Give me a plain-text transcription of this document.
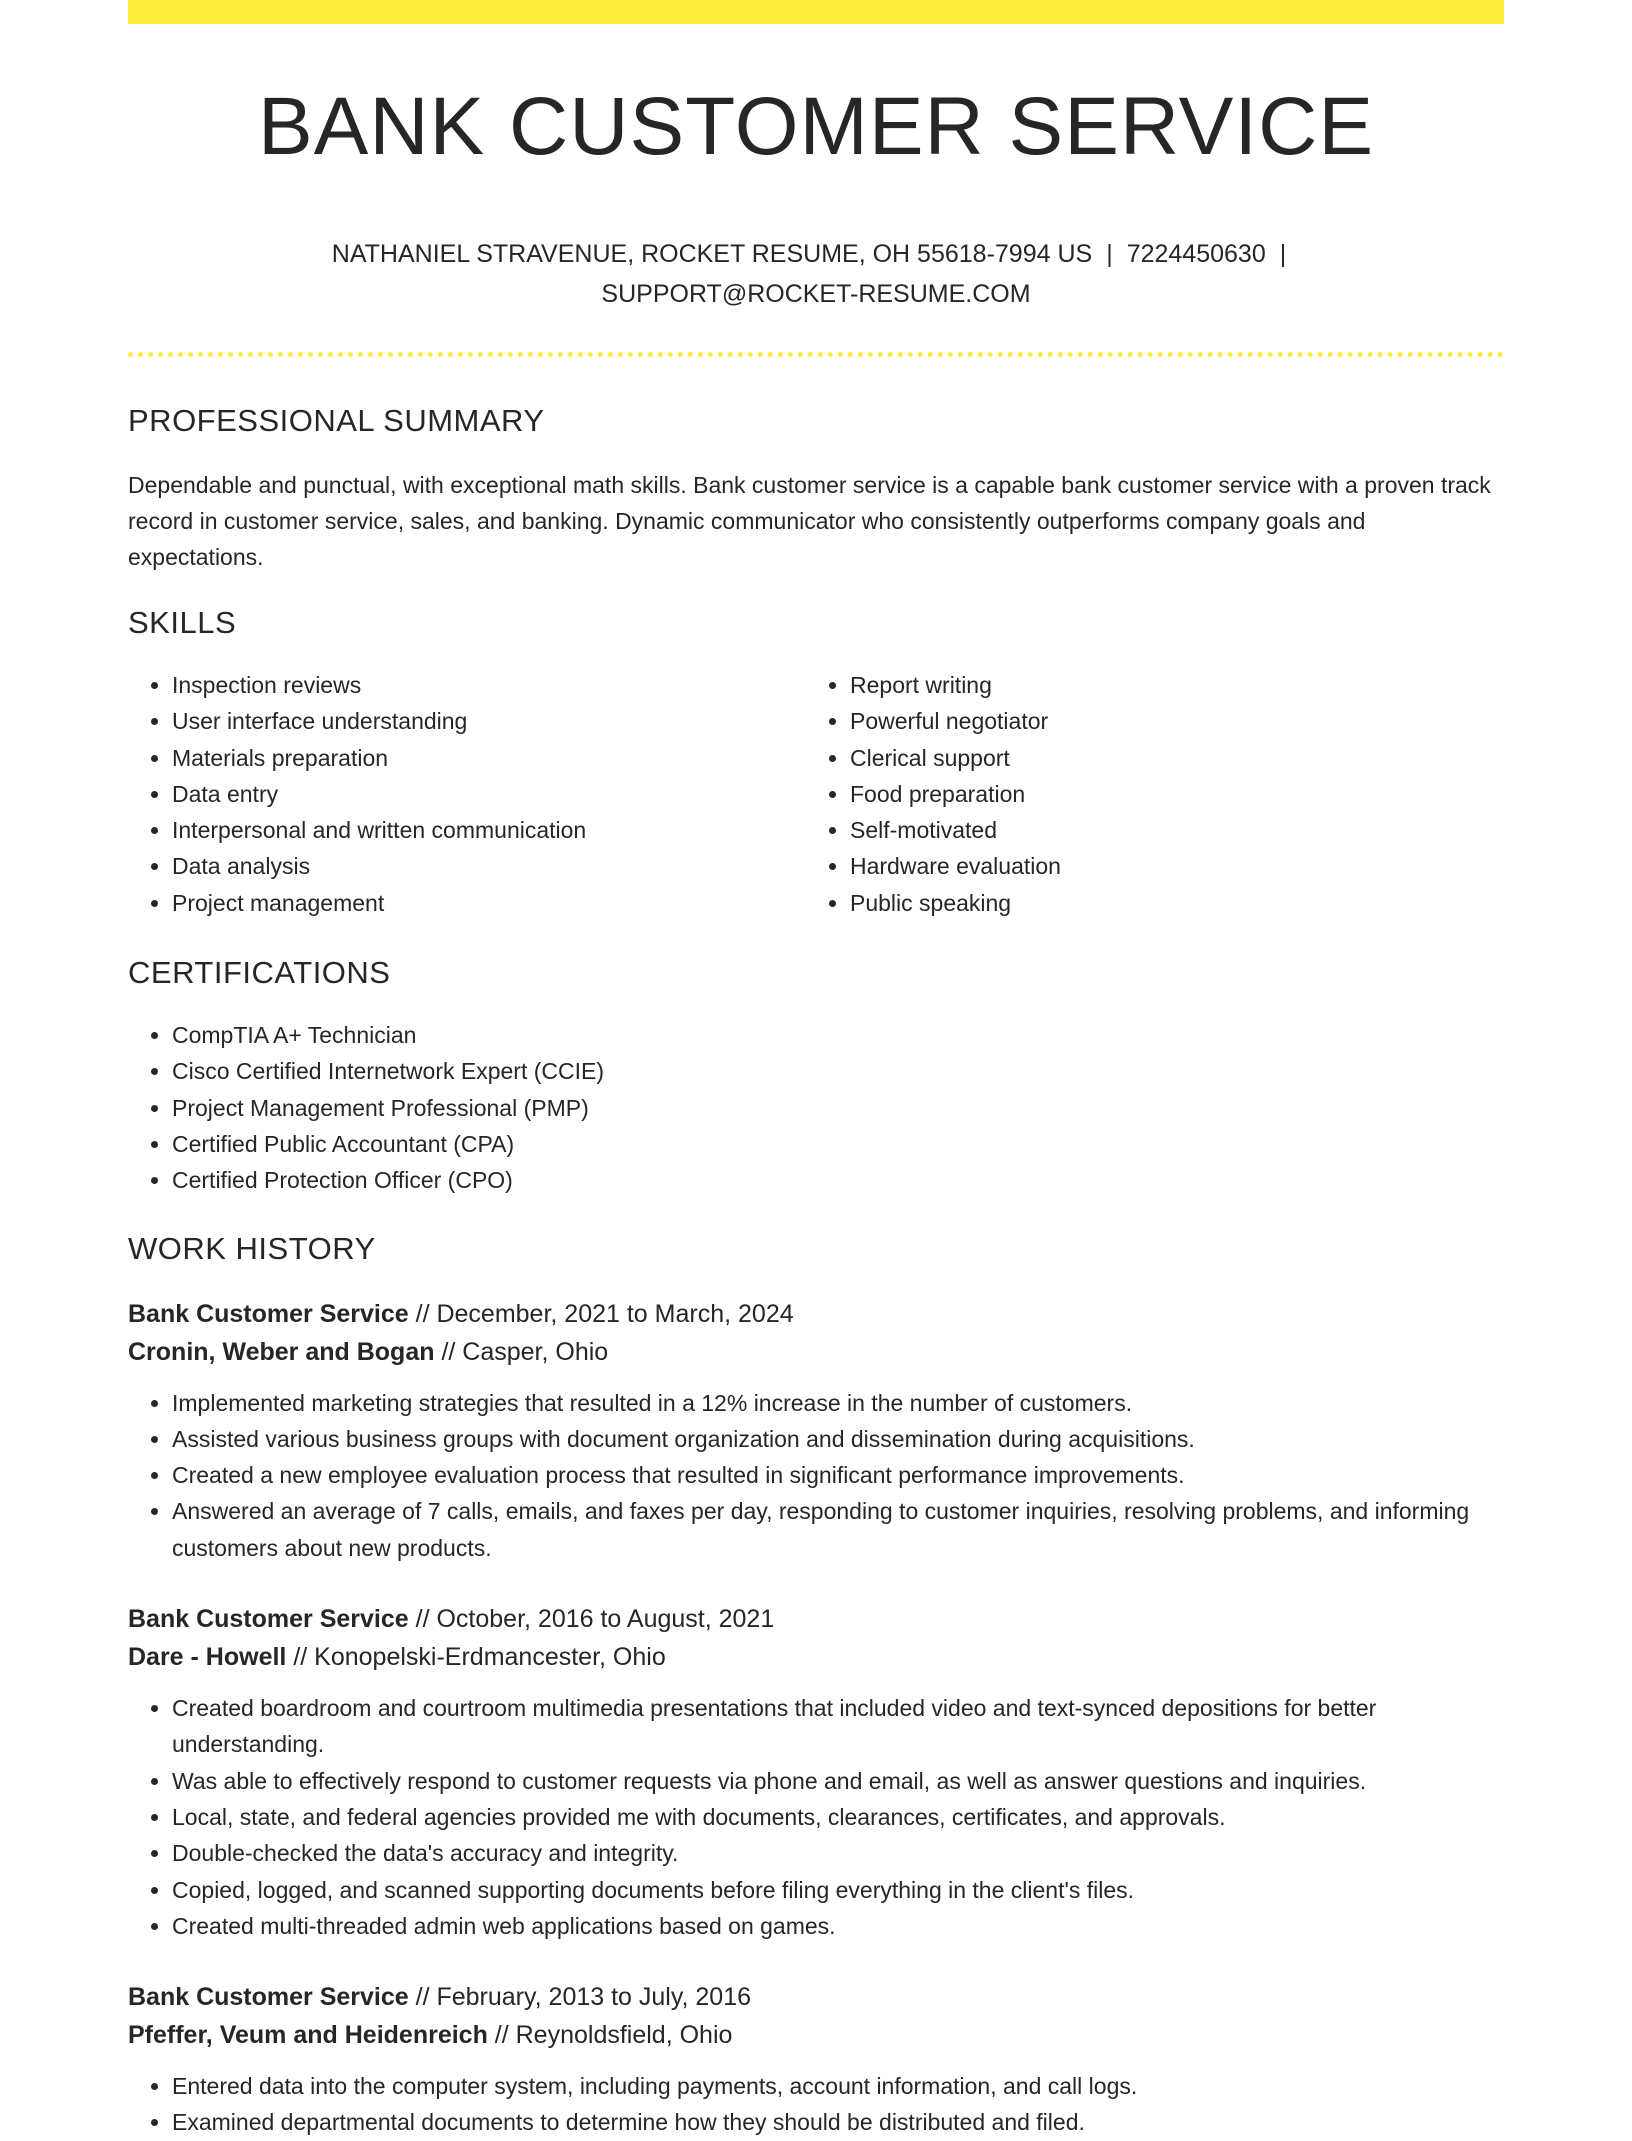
BANK CUSTOMER SERVICE
NATHANIEL STRAVENUE, ROCKET RESUME, OH 55618-7994 US | 7224450630 |
SUPPORT@ROCKET-RESUME.COM
PROFESSIONAL SUMMARY

Dependable and punctual, with exceptional math skills. Bank customer service is a capable bank customer service with a proven track record in customer service, sales, and banking. Dynamic communicator who consistently outperforms company goals and expectations.

SKILLS
• Inspection reviews
• User interface understanding
• Materials preparation
• Data entry
• Interpersonal and written communication
• Data analysis
• Project management
• Report writing
• Powerful negotiator
• Clerical support
• Food preparation
• Self-motivated
• Hardware evaluation
• Public speaking
CERTIFICATIONS
• CompTIA A+ Technician
• Cisco Certified Internetwork Expert (CCIE)
• Project Management Professional (PMP)
• Certified Public Accountant (CPA)
• Certified Protection Officer (CPO)
WORK HISTORY
Bank Customer Service // December, 2021 to March, 2024
Cronin, Weber and Bogan // Casper, Ohio
• Implemented marketing strategies that resulted in a 12% increase in the number of customers.
• Assisted various business groups with document organization and dissemination during acquisitions.
• Created a new employee evaluation process that resulted in significant performance improvements.
• Answered an average of 7 calls, emails, and faxes per day, responding to customer inquiries, resolving problems, and informing customers about new products.
Bank Customer Service // October, 2016 to August, 2021
Dare - Howell // Konopelski-Erdmancester, Ohio
• Created boardroom and courtroom multimedia presentations that included video and text-synced depositions for better understanding.
• Was able to effectively respond to customer requests via phone and email, as well as answer questions and inquiries.
• Local, state, and federal agencies provided me with documents, clearances, certificates, and approvals.
• Double-checked the data's accuracy and integrity.
• Copied, logged, and scanned supporting documents before filing everything in the client's files.
• Created multi-threaded admin web applications based on games.
Bank Customer Service // February, 2013 to July, 2016
Pfeffer, Veum and Heidenreich // Reynoldsfield, Ohio
• Entered data into the computer system, including payments, account information, and call logs.
• Examined departmental documents to determine how they should be distributed and filed.
